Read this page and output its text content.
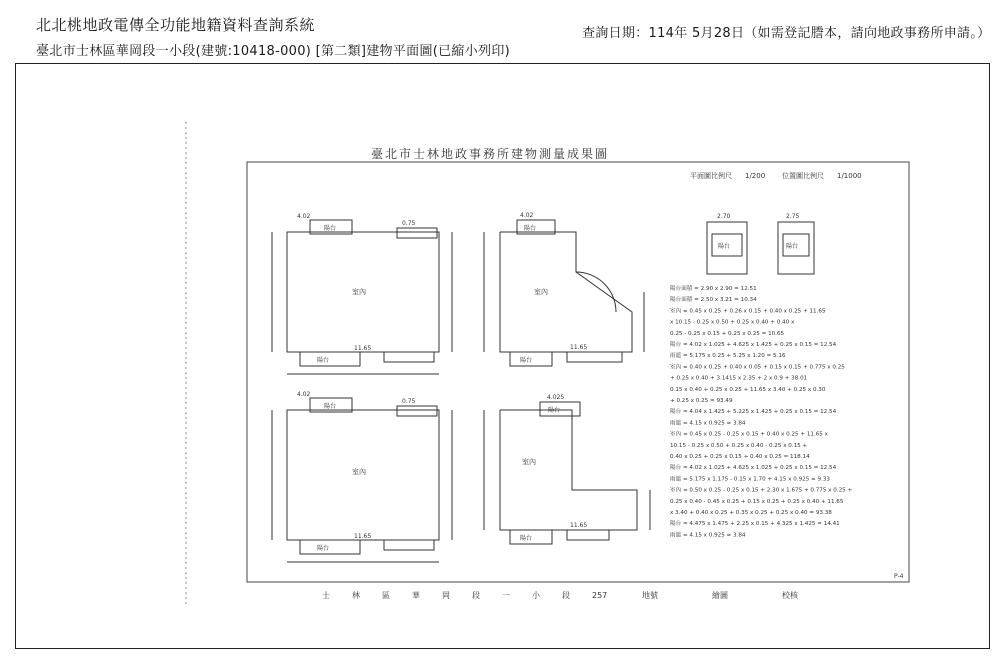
北北桃地政電傳全功能地籍資料查詢系統
臺北市士林區華岡段一小段(建號:10418-000) [第二類]建物平面圖(已縮小列印)
查詢日期：114年 5月28日（如需登記謄本，請向地政事務所申請。）
臺北市士林地政事務所建物測量成果圖
平面圖比例尺 1/200 位置圖比例尺 1/1000
P-4
4.02
0.75
陽台
室內
11.65
陽台
4.02
陽台
室內
11.65
陽台
4.02
0.75
陽台
室內
11.65
陽台
4.025
陽台
室內
11.65
陽台
2.70
陽台
2.75
陽台
陽台面積 = 2.90 x 2.90 = 12.51
陽台面積 = 2.50 x 3.21 = 10.34
室內 = 0.45 x 0.25 + 0.26 x 0.15 + 0.40 x 0.25 + 11.65
x 10.15 - 0.25 x 0.50 + 0.25 x 0.40 + 0.40 x
0.25 - 0.25 x 0.15 + 0.25 x 0.25 = 10.65
陽台 = 4.02 x 1.025 + 4.625 x 1.425 + 0.25 x 0.15 = 12.54
雨遮 = 5.175 x 0.25 + 5.25 x 1.20 = 5.16
室內 = 0.40 x 0.25 + 0.40 x 0.05 + 0.15 x 0.15 + 0.775 x 0.25
+ 0.25 x 0.40 + 3.1415 x 2.35 + 2 x 0.9 + 38.01
0.15 x 0.40 + 0.25 x 0.25 + 11.65 x 3.40 + 0.25 x 0.30
+ 0.25 x 0.25 = 93.49
陽台 = 4.04 x 1.425 + 5.225 x 1.425 + 0.25 x 0.15 = 12.54
雨遮 = 4.15 x 0.925 = 3.84
室內 = 0.45 x 0.25 - 0.25 x 0.15 + 0.40 x 0.25 + 11.65 x
10.15 - 0.25 x 0.50 + 0.25 x 0.40 - 0.25 x 0.15 +
0.40 x 0.25 + 0.25 x 0.15 + 0.40 x 0.25 = 118.14
陽台 = 4.02 x 1.025 + 4.625 x 1.025 + 0.25 x 0.15 = 12.54
雨遮 = 5.175 x 1.175 - 0.15 x 1.70 + 4.15 x 0.925 = 9.33
室內 = 0.50 x 0.25 - 0.25 x 0.15 + 2.30 x 1.675 + 0.775 x 0.25 +
0.25 x 0.40 - 0.45 x 0.25 + 0.15 x 0.25 + 0.25 x 0.40 + 11.65
x 3.40 + 0.40 x 0.25 + 0.35 x 0.25 + 0.25 x 0.40 = 93.38
陽台 = 4.475 x 1.475 + 2.25 x 0.15 + 4.325 x 1.425 = 14.41
雨遮 = 4.15 x 0.925 = 3.84
士	林	區	華	岡	段	一	小	段	257	地號	繪圖	校核
